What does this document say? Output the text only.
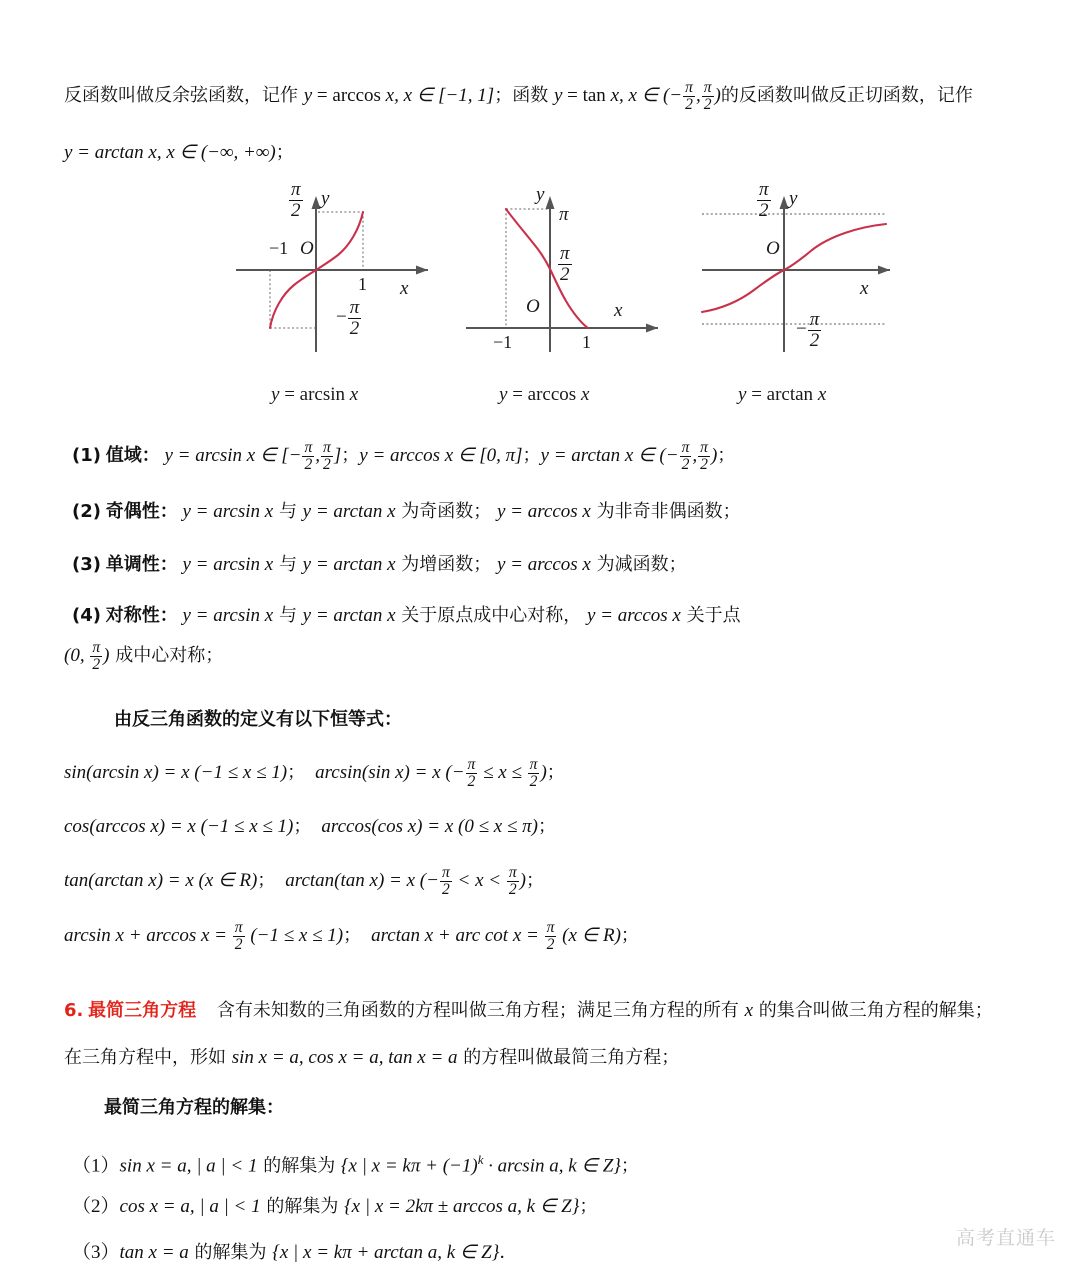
反函数叫做反余弦函数，记作 y = arccos x, x ∈ [−1, 1]；函数 y = tan x, x ∈ (− $\frac{\pi}{2}$ , $\frac{\pi}{2}$ )的反函数叫做反正切函数，记作
y = arctan x, x ∈ (−∞, +∞)；
$\frac{\pi}{2}$ y
−1 O
1 x
− $\frac{\pi}{2}$
y = arcsin x
y
π
$\frac{\pi}{2}$
O	x
−1	1
y = arccos x
$\frac{\pi}{2}$ y
O
x
− $\frac{\pi}{2}$
y = arctan x
(1) 值域： y = arcsin x ∈ [− $\frac{\pi}{2}$ , $\frac{\pi}{2}$ ]；y = arccos x ∈ [0, π]；y = arctan x ∈ (− $\frac{\pi}{2}$ , $\frac{\pi}{2}$ )；
(2) 奇偶性： y = arcsin x 与 y = arctan x 为奇函数； y = arccos x 为非奇非偶函数；
(3) 单调性： y = arcsin x 与 y = arctan x 为增函数； y = arccos x 为减函数；
(4) 对称性： y = arcsin x 与 y = arctan x 关于原点成中心对称， y = arccos x 关于点
(0, $\frac{\pi}{2}$ ) 成中心对称；
由反三角函数的定义有以下恒等式：
sin(arcsin x) = x (−1 ≤ x ≤ 1)； arcsin(sin x) = x (− $\frac{\pi}{2} \le x \le \frac{\pi}{2}$ )；
cos(arccos x) = x (−1 ≤ x ≤ 1)； arccos(cos x) = x (0 ≤ x ≤ π)；
tan(arctan x) = x (x ∈ R)； arctan(tan x) = x (− $\frac{\pi}{2} < x < \frac{\pi}{2}$ )；
$\arcsin x + \arccos x = \frac{\pi}{2} (-1 \le x \le 1)$； arctan x + arc $\cot x = \frac{\pi}{2} (x$ ∈ R)；
6. 最简三角方程 含有未知数的三角函数的方程叫做三角方程；满足三角方程的所有 x 的集合叫做三角方程的解集；
在三角方程中，形如 sin x = a, cos x = a, tan x = a 的方程叫做最简三角方程；
最简三角方程的解集：
（1）sin x = a, | a | < 1 的解集为 {x | $x = k\pi + (-1)^k \cdot \arcsin a$, k ∈ Z}；
（2）cos x = a, | a | < 1 的解集为 {x | x = 2kπ ± arccos a, k ∈ Z}；
（3）tan x = a 的解集为 {x | x = kπ + arctan a, k ∈ Z}．
高考直通车
